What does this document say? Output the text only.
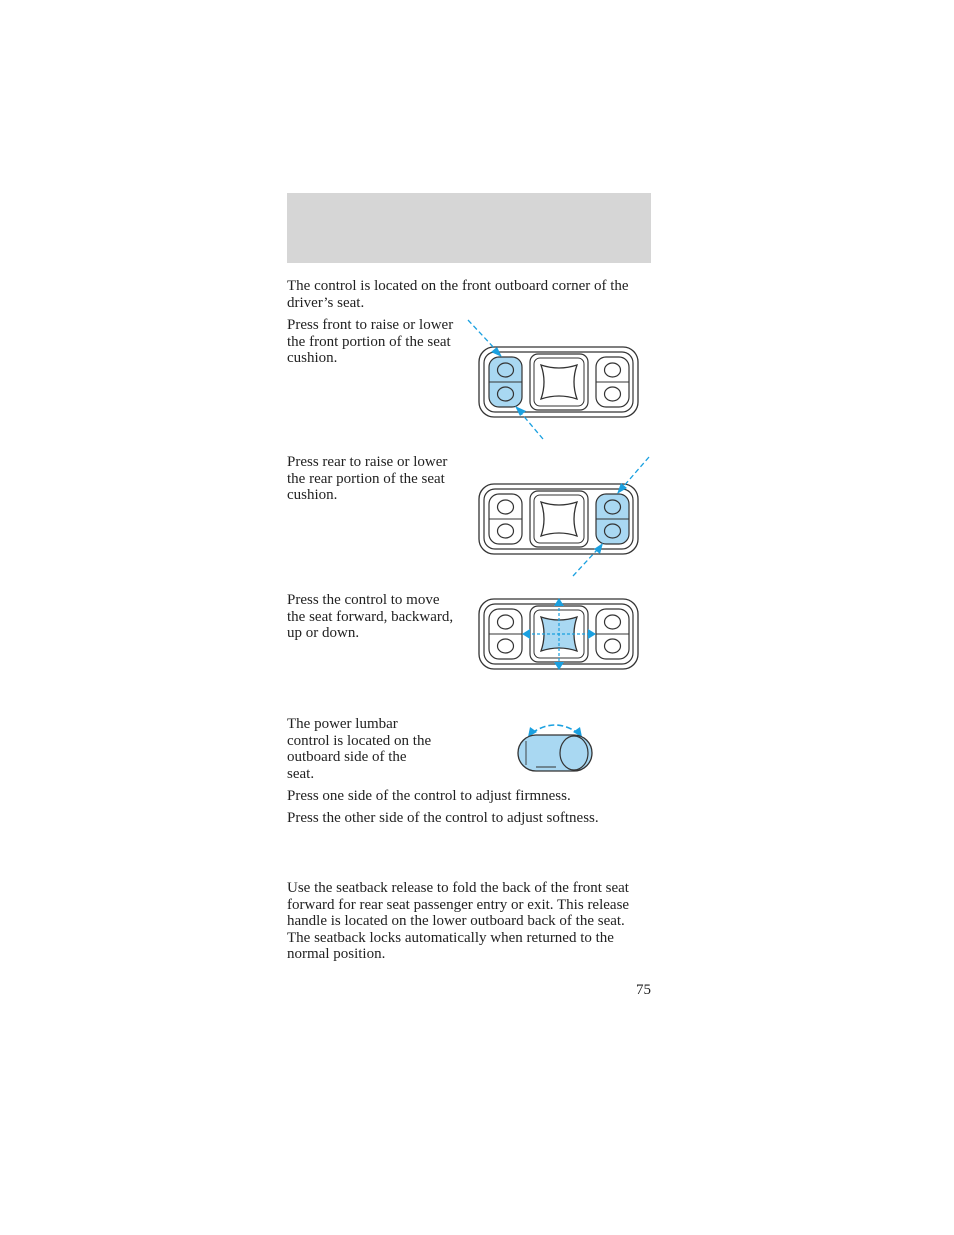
The control is located on the front outboard corner of the driver’s seat.

Press front to raise or lower the front portion of the seat cushion.

Press rear to raise or lower the rear portion of the seat cushion.

Press the control to move the seat forward, backward, up or down.

The power lumbar control is located on the outboard side of the seat.

Press one side of the control to adjust firmness.

Press the other side of the control to adjust softness.

Use the seatback release to fold the back of the front seat forward for rear seat passenger entry or exit. This release handle is located on the lower outboard back of the seat. The seatback locks automatically when returned to the normal position.

75
